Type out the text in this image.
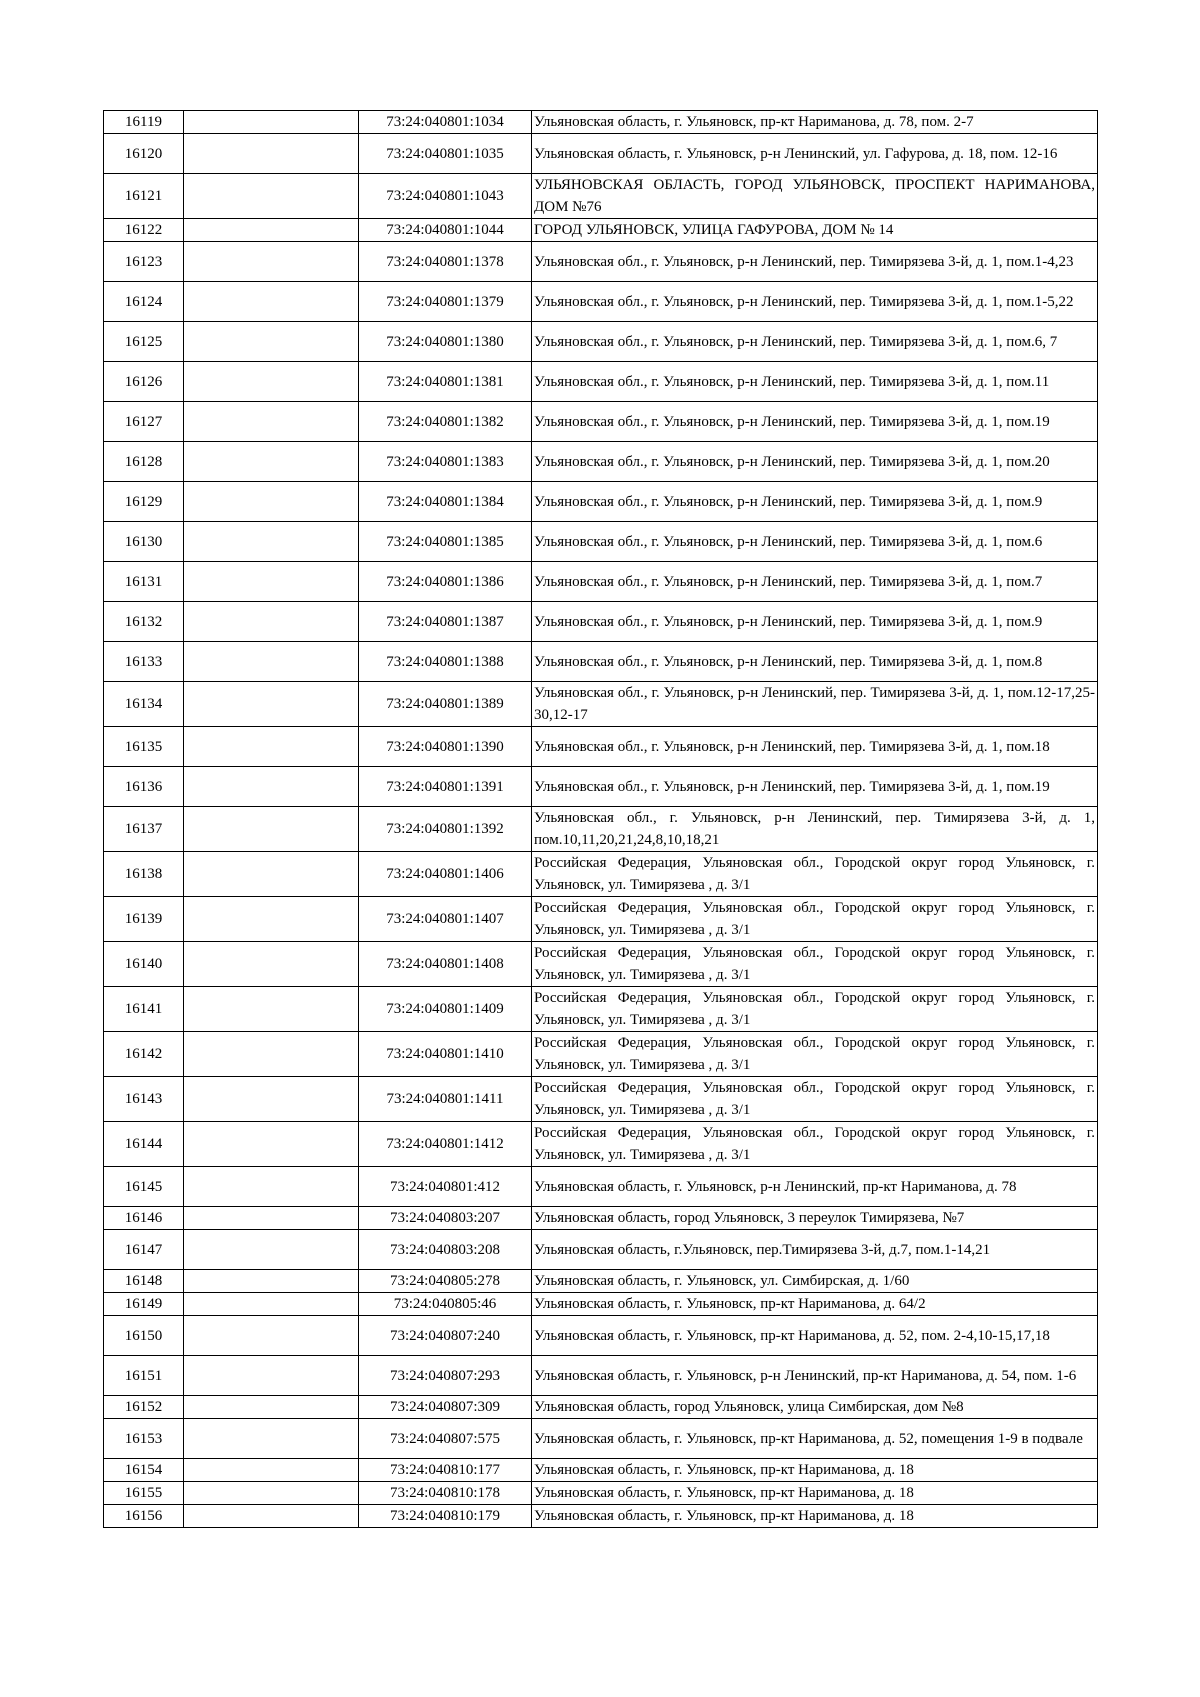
16119		73:24:040801:1034	Ульяновская область, г. Ульяновск, пр-кт Нариманова, д. 78, пом. 2-7
16120		73:24:040801:1035	Ульяновская область, г. Ульяновск, р-н Ленинский, ул. Гафурова, д. 18, пом. 12-16
16121		73:24:040801:1043	УЛЬЯНОВСКАЯ ОБЛАСТЬ, ГОРОД УЛЬЯНОВСК, ПРОСПЕКТ НАРИМАНОВА, ДОМ №76
16122		73:24:040801:1044	ГОРОД УЛЬЯНОВСК, УЛИЦА ГАФУРОВА, ДОМ № 14
16123		73:24:040801:1378	Ульяновская обл., г. Ульяновск, р-н Ленинский, пер. Тимирязева 3-й, д. 1, пом.1-4,23
16124		73:24:040801:1379	Ульяновская обл., г. Ульяновск, р-н Ленинский, пер. Тимирязева 3-й, д. 1, пом.1-5,22
16125		73:24:040801:1380	Ульяновская обл., г. Ульяновск, р-н Ленинский, пер. Тимирязева 3-й, д. 1, пом.6, 7
16126		73:24:040801:1381	Ульяновская обл., г. Ульяновск, р-н Ленинский, пер. Тимирязева 3-й, д. 1, пом.11
16127		73:24:040801:1382	Ульяновская обл., г. Ульяновск, р-н Ленинский, пер. Тимирязева 3-й, д. 1, пом.19
16128		73:24:040801:1383	Ульяновская обл., г. Ульяновск, р-н Ленинский, пер. Тимирязева 3-й, д. 1, пом.20
16129		73:24:040801:1384	Ульяновская обл., г. Ульяновск, р-н Ленинский, пер. Тимирязева 3-й, д. 1, пом.9
16130		73:24:040801:1385	Ульяновская обл., г. Ульяновск, р-н Ленинский, пер. Тимирязева 3-й, д. 1, пом.6
16131		73:24:040801:1386	Ульяновская обл., г. Ульяновск, р-н Ленинский, пер. Тимирязева 3-й, д. 1, пом.7
16132		73:24:040801:1387	Ульяновская обл., г. Ульяновск, р-н Ленинский, пер. Тимирязева 3-й, д. 1, пом.9
16133		73:24:040801:1388	Ульяновская обл., г. Ульяновск, р-н Ленинский, пер. Тимирязева 3-й, д. 1, пом.8
16134		73:24:040801:1389	Ульяновская обл., г. Ульяновск, р-н Ленинский, пер. Тимирязева 3-й, д. 1, пом.12-17,25-30,12-17
16135		73:24:040801:1390	Ульяновская обл., г. Ульяновск, р-н Ленинский, пер. Тимирязева 3-й, д. 1, пом.18
16136		73:24:040801:1391	Ульяновская обл., г. Ульяновск, р-н Ленинский, пер. Тимирязева 3-й, д. 1, пом.19
16137		73:24:040801:1392	Ульяновская обл., г. Ульяновск, р-н Ленинский, пер. Тимирязева 3-й, д. 1, пом.10,11,20,21,24,8,10,18,21
16138		73:24:040801:1406	Российская Федерация, Ульяновская обл., Городской округ город Ульяновск, г. Ульяновск, ул. Тимирязева , д. 3/1
16139		73:24:040801:1407	Российская Федерация, Ульяновская обл., Городской округ город Ульяновск, г. Ульяновск, ул. Тимирязева , д. 3/1
16140		73:24:040801:1408	Российская Федерация, Ульяновская обл., Городской округ город Ульяновск, г. Ульяновск, ул. Тимирязева , д. 3/1
16141		73:24:040801:1409	Российская Федерация, Ульяновская обл., Городской округ город Ульяновск, г. Ульяновск, ул. Тимирязева , д. 3/1
16142		73:24:040801:1410	Российская Федерация, Ульяновская обл., Городской округ город Ульяновск, г. Ульяновск, ул. Тимирязева , д. 3/1
16143		73:24:040801:1411	Российская Федерация, Ульяновская обл., Городской округ город Ульяновск, г. Ульяновск, ул. Тимирязева , д. 3/1
16144		73:24:040801:1412	Российская Федерация, Ульяновская обл., Городской округ город Ульяновск, г. Ульяновск, ул. Тимирязева , д. 3/1
16145		73:24:040801:412	Ульяновская область, г. Ульяновск, р-н Ленинский, пр-кт Нариманова, д. 78
16146		73:24:040803:207	Ульяновская область, город Ульяновск, 3 переулок Тимирязева, №7
16147		73:24:040803:208	Ульяновская область, г.Ульяновск, пер.Тимирязева 3-й, д.7, пом.1-14,21
16148		73:24:040805:278	Ульяновская область, г. Ульяновск, ул. Симбирская, д. 1/60
16149		73:24:040805:46	Ульяновская область, г. Ульяновск, пр-кт Нариманова, д. 64/2
16150		73:24:040807:240	Ульяновская область, г. Ульяновск, пр-кт Нариманова, д. 52, пом. 2-4,10-15,17,18
16151		73:24:040807:293	Ульяновская область, г. Ульяновск, р-н Ленинский, пр-кт Нариманова, д. 54, пом. 1-6
16152		73:24:040807:309	Ульяновская область, город Ульяновск, улица Симбирская, дом №8
16153		73:24:040807:575	Ульяновская область, г. Ульяновск, пр-кт Нариманова, д. 52, помещения 1-9 в подвале
16154		73:24:040810:177	Ульяновская область, г. Ульяновск, пр-кт Нариманова, д. 18
16155		73:24:040810:178	Ульяновская область, г. Ульяновск, пр-кт Нариманова, д. 18
16156		73:24:040810:179	Ульяновская область, г. Ульяновск, пр-кт Нариманова, д. 18
